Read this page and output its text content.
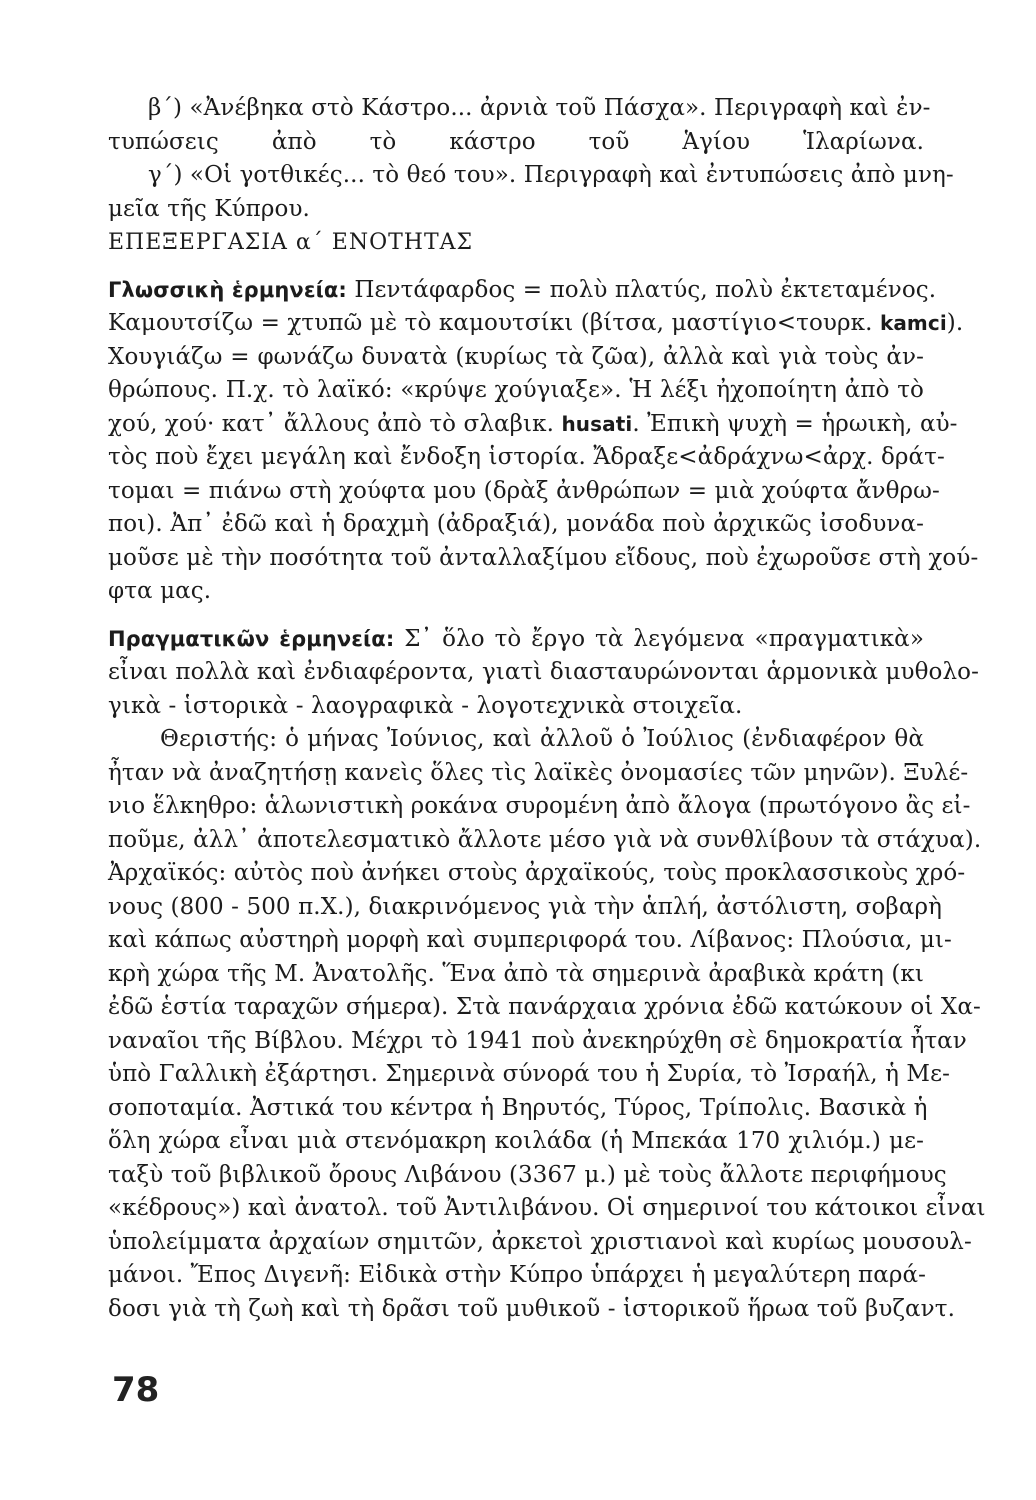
β΄) «Ἀνέβηκα στὸ Κάστρο... ἀρνιὰ τοῦ Πάσχα». Περιγραφὴ καὶ ἐν-
τυπώσεις ἀπὸ τὸ κάστρο τοῦ Ἁγίου Ἱλαρίωνα.
γ΄) «Οἱ γοτθικές... τὸ θεό του». Περιγραφὴ καὶ ἐντυπώσεις ἀπὸ μνη-
μεῖα τῆς Κύπρου.
ΕΠΕΞΕΡΓΑΣΙΑ α΄ ΕΝΟΤΗΤΑΣ
Γλωσσικὴ ἑρμηνεία: Πεντάφαρδος = πολὺ πλατύς, πολὺ ἐκτεταμένος.
Καμουτσίζω = χτυπῶ μὲ τὸ καμουτσίκι (βίτσα, μαστίγιο<τουρκ. kamci).
Χουγιάζω = φωνάζω δυνατὰ (κυρίως τὰ ζῶα), ἀλλὰ καὶ γιὰ τοὺς ἀν-
θρώπους. Π.χ. τὸ λαϊκό: «κρύψε χούγιαξε». Ἡ λέξι ἠχοποίητη ἀπὸ τὸ
χού, χού· κατ᾽ ἄλλους ἀπὸ τὸ σλαβικ. husati. Ἐπικὴ ψυχὴ = ἡρωικὴ, αὐ-
τὸς ποὺ ἔχει μεγάλη καὶ ἔνδοξη ἱστορία. Ἄδραξε<ἀδράχνω<ἀρχ. δράτ-
τομαι = πιάνω στὴ χούφτα μου (δρὰξ ἀνθρώπων = μιὰ χούφτα ἄνθρω-
ποι). Ἀπ᾽ ἐδῶ καὶ ἡ δραχμὴ (ἀδραξιά), μονάδα ποὺ ἀρχικῶς ἰσοδυνα-
μοῦσε μὲ τὴν ποσότητα τοῦ ἀνταλλαξίμου εἴδους, ποὺ ἐχωροῦσε στὴ χού-
φτα μας.
Πραγματικῶν ἑρμηνεία: Σ᾽ ὅλο τὸ ἔργο τὰ λεγόμενα «πραγματικὰ»
εἶναι πολλὰ καὶ ἐνδιαφέροντα, γιατὶ διασταυρώνονται ἁρμονικὰ μυθολο-
γικὰ - ἱστορικὰ - λαογραφικὰ - λογοτεχνικὰ στοιχεῖα.
Θεριστής: ὁ μήνας Ἰούνιος, καὶ ἀλλοῦ ὁ Ἰούλιος (ἐνδιαφέρον θὰ
ἦταν νὰ ἀναζητήσῃ κανεὶς ὅλες τὶς λαϊκὲς ὀνομασίες τῶν μηνῶν). Ξυλέ-
νιο ἕλκηθρο: ἁλωνιστικὴ ροκάνα συρομένη ἀπὸ ἄλογα (πρωτόγονο ἂς εἰ-
ποῦμε, ἀλλ᾽ ἀποτελεσματικὸ ἄλλοτε μέσο γιὰ νὰ συνθλίβουν τὰ στάχυα).
Ἀρχαϊκός: αὐτὸς ποὺ ἀνήκει στοὺς ἀρχαϊκούς, τοὺς προκλασσικοὺς χρό-
νους (800 - 500 π.Χ.), διακρινόμενος γιὰ τὴν ἁπλή, ἀστόλιστη, σοβαρὴ
καὶ κάπως αὐστηρὴ μορφὴ καὶ συμπεριφορά του. Λίβανος: Πλούσια, μι-
κρὴ χώρα τῆς Μ. Ἀνατολῆς. Ἕνα ἀπὸ τὰ σημερινὰ ἀραβικὰ κράτη (κι
ἐδῶ ἑστία ταραχῶν σήμερα). Στὰ πανάρχαια χρόνια ἐδῶ κατώκουν οἱ Χα-
ναναῖοι τῆς Βίβλου. Μέχρι τὸ 1941 ποὺ ἀνεκηρύχθη σὲ δημοκρατία ἦταν
ὑπὸ Γαλλικὴ ἐξάρτησι. Σημερινὰ σύνορά του ἡ Συρία, τὸ Ἰσραήλ, ἡ Με-
σοποταμία. Ἀστικά του κέντρα ἡ Βηρυτός, Τύρος, Τρίπολις. Βασικὰ ἡ
ὅλη χώρα εἶναι μιὰ στενόμακρη κοιλάδα (ἡ Μπεκάα 170 χιλιόμ.) με-
ταξὺ τοῦ βιβλικοῦ ὄρους Λιβάνου (3367 μ.) μὲ τοὺς ἄλλοτε περιφήμους
«κέδρους») καὶ ἀνατολ. τοῦ Ἀντιλιβάνου. Οἱ σημερινοί του κάτοικοι εἶναι
ὑπολείμματα ἀρχαίων σημιτῶν, ἀρκετοὶ χριστιανοὶ καὶ κυρίως μουσουλ-
μάνοι. Ἔπος Διγενῆ: Εἰδικὰ στὴν Κύπρο ὑπάρχει ἡ μεγαλύτερη παρά-
δοσι γιὰ τὴ ζωὴ καὶ τὴ δρᾶσι τοῦ μυθικοῦ - ἱστορικοῦ ἥρωα τοῦ βυζαντ.
78
